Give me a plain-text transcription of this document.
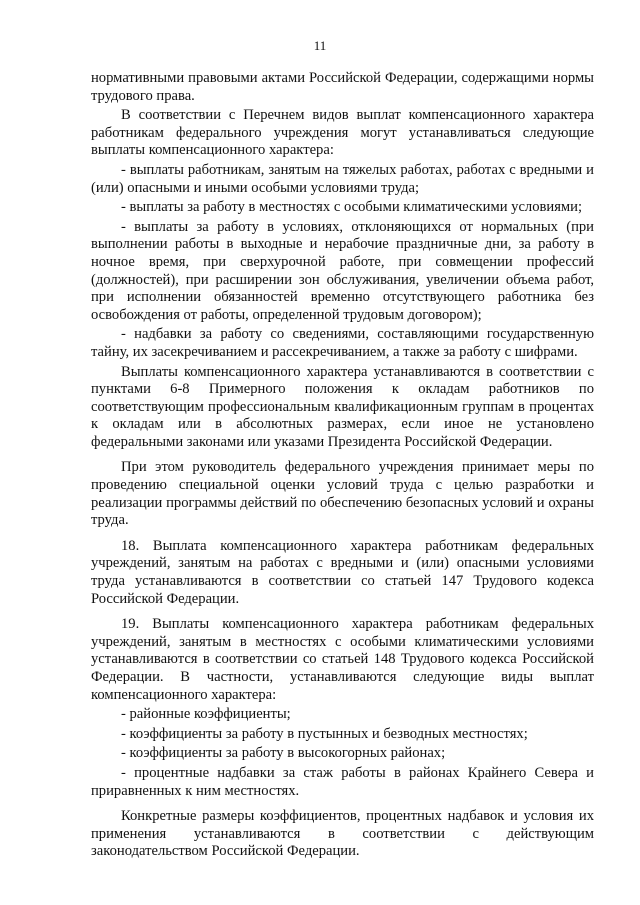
11

нормативными правовыми актами Российской Федерации, содержащими нормы трудового права.

В соответствии с Перечнем видов выплат компенсационного характера работникам федерального учреждения могут устанавливаться следующие выплаты компенсационного характера:

- выплаты работникам, занятым на тяжелых работах, работах с вредными и (или) опасными и иными особыми условиями труда;

- выплаты за работу в местностях с особыми климатическими условиями;

- выплаты за работу в условиях, отклоняющихся от нормальных (при выполнении работы в выходные и нерабочие праздничные дни, за работу в ночное время, при сверхурочной работе, при совмещении профессий (должностей), при расширении зон обслуживания, увеличении объема работ, при исполнении обязанностей временно отсутствующего работника без освобождения от работы, определенной трудовым договором);

- надбавки за работу со сведениями, составляющими государственную тайну, их засекречиванием и рассекречиванием, а также за работу с шифрами.

Выплаты компенсационного характера устанавливаются в соответствии с пунктами 6-8 Примерного положения к окладам работников по соответствующим профессиональным квалификационным группам в процентах к окладам или в абсолютных размерах, если иное не установлено федеральными законами или указами Президента Российской Федерации.

При этом руководитель федерального учреждения принимает меры по проведению специальной оценки условий труда с целью разработки и реализации программы действий по обеспечению безопасных условий и охраны труда.

18. Выплата компенсационного характера работникам федеральных учреждений, занятым на работах с вредными и (или) опасными условиями труда устанавливаются в соответствии со статьей 147 Трудового кодекса Российской Федерации.

19. Выплаты компенсационного характера работникам федеральных учреждений, занятым в местностях с особыми климатическими условиями устанавливаются в соответствии со статьей 148 Трудового кодекса Российской Федерации. В частности, устанавливаются следующие виды выплат компенсационного характера:

- районные коэффициенты;

- коэффициенты за работу в пустынных и безводных местностях;

- коэффициенты за работу в высокогорных районах;

- процентные надбавки за стаж работы в районах Крайнего Севера и приравненных к ним местностях.

Конкретные размеры коэффициентов, процентных надбавок и условия их применения устанавливаются в соответствии с действующим законодательством Российской Федерации.
